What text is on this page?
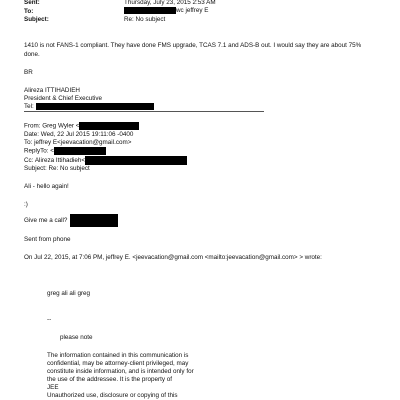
Sent:	Thursday, July 23, 2015 2:53 AM
To:	wc jeffrey E
Subject:	Re: No subject
1410 is not FANS-1 compliant. They have done FMS upgrade, TCAS 7.1 and ADS-B out. I would say they are about 75%
done.
BR
Alireza ITTIHADIEH
President & Chief Executive
Tel:
From: Greg Wyler <
Date: Wed, 22 Jul 2015 19:11:06 -0400
To: jeffrey E<jeevacation@gmail.com>
ReplyTo: <
Cc: Alireza Ittihadieh<
Subject: Re: No subject
Ali - hello again!
:)
Give me a call?
Sent from phone
On Jul 22, 2015, at 7:06 PM, jeffrey E. <jeevacation@gmail.com <mailto:jeevacation@gmail.com> > wrote:
greg ali ali greg
--
please note
The information contained in this communication is
confidential, may be attorney-client privileged, may
constitute inside information, and is intended only for
the use of the addressee. It is the property of
JEE
Unauthorized use, disclosure or copying of this
